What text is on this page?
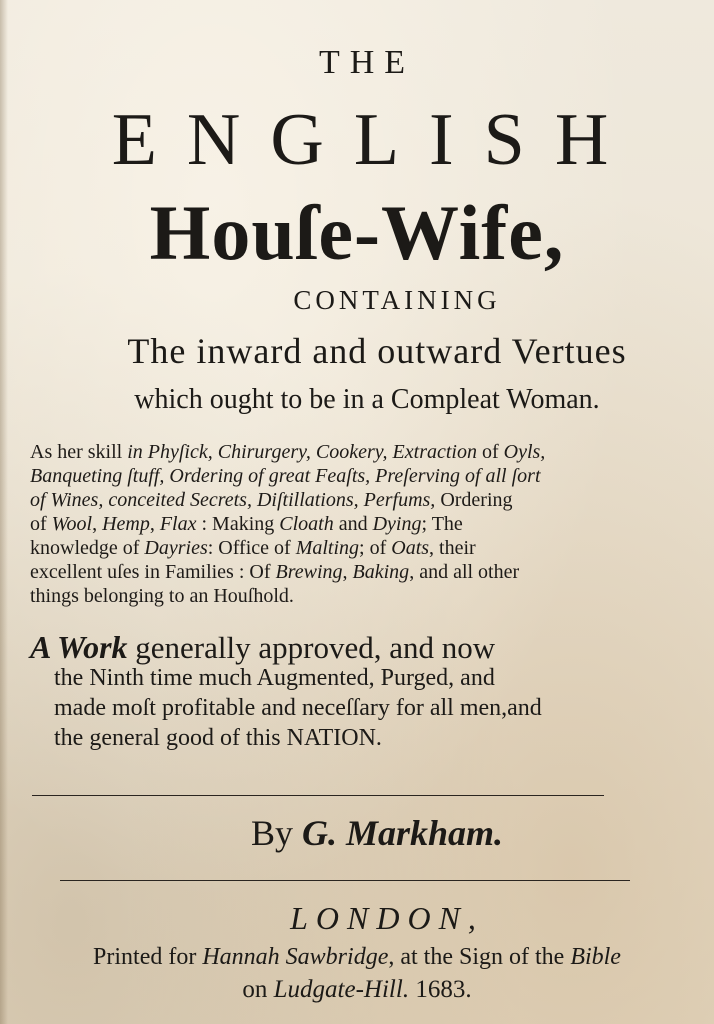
THE
ENGLISH
Houſe-Wife,
CONTAINING
The inward and outward Vertues
which ought to be in a Compleat Woman.
As her skill in Phyſick, Chirurgery, Cookery, Extraction of Oyls,
Banqueting ſtuff, Ordering of great Feaſts, Preſerving of all ſort
of Wines, conceited Secrets, Diſtillations, Perfums, Ordering
of Wool, Hemp, Flax : Making Cloath and Dying; The
knowledge of Dayries: Office of Malting; of Oats, their
excellent uſes in Families : Of Brewing, Baking, and all other
things belonging to an Houſhold.
A Work generally approved, and now
the Ninth time much Augmented, Purged, and
made moſt profitable and neceſſary for all men,and
the general good of this NATION.
By G. Markham.
LONDON,
Printed for Hannah Sawbridge, at the Sign of the Bible
on Ludgate-Hill. 1683.
